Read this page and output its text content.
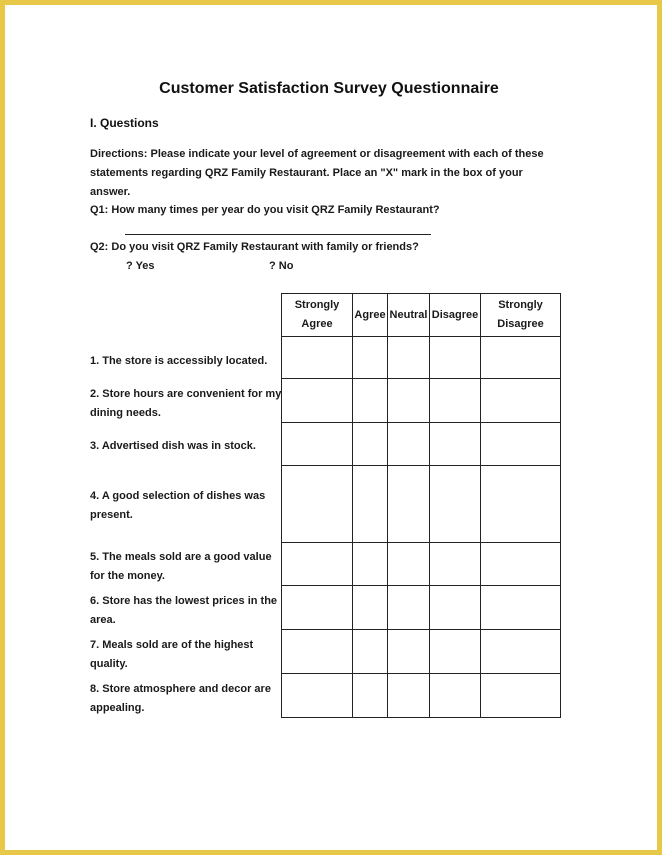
Customer Satisfaction Survey Questionnaire
I. Questions
Directions: Please indicate your level of agreement or disagreement with each of these statements regarding QRZ Family Restaurant. Place an "X" mark in the box of your answer.
Q1: How many times per year do you visit QRZ Family Restaurant?
Q2: Do you visit QRZ Family Restaurant with family or friends?
? Yes	? No
Strongly Agree	Agree	Neutral	Disagree	Strongly Disagree

1. The store is accessibly located.
2. Store hours are convenient for my dining needs.
3. Advertised dish was in stock.
4. A good selection of dishes was present.
5. The meals sold are a good value for the money.
6. Store has the lowest prices in the area.
7. Meals sold are of the highest quality.
8. Store atmosphere and decor are appealing.
